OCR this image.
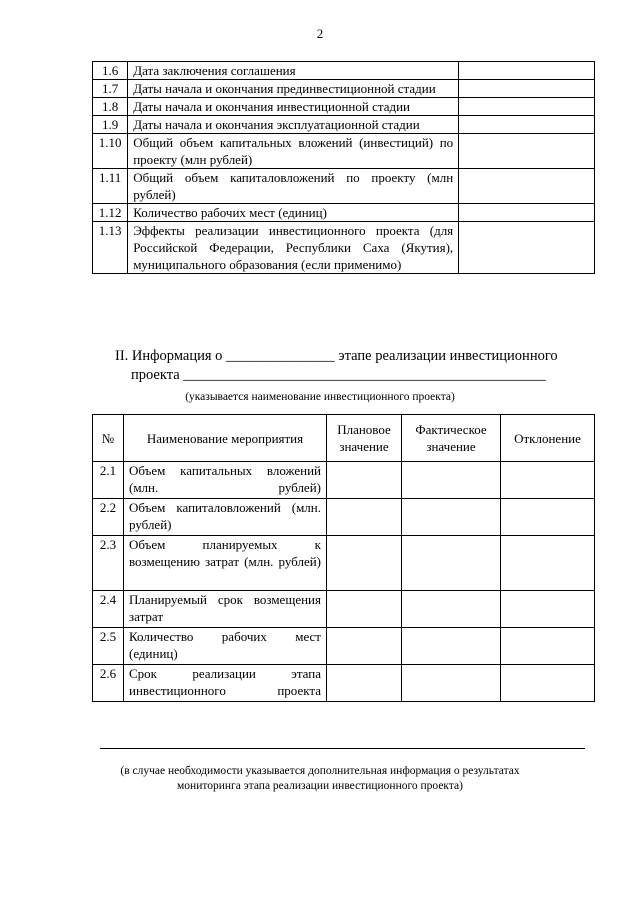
2
1.6	Дата заключения соглашения	
1.7	Даты начала и окончания прединвестиционной стадии	
1.8	Даты начала и окончания инвестиционной стадии	
1.9	Даты начала и окончания эксплуатационной стадии	
1.10	Общий объем капитальных вложений (инвестиций) по проекту (млн рублей)	
1.11	Общий объем капиталовложений по проекту (млн рублей)	
1.12	Количество рабочих мест (единиц)	
1.13	Эффекты реализации инвестиционного проекта (для Российской Федерации, Республики Саха (Якутия), муниципального образования (если применимо)	
II. Информация о _______________ этапе реализации инвестиционного
проекта __________________________________________________
(указывается наименование инвестиционного проекта)
№	Наименование мероприятия	Плановое значение	Фактическое значение	Отклонение
2.1	Объем капитальных вложений (млн. рублей)			
2.2	Объем капиталовложений (млн. рублей)			
2.3	Объем планируемых к возмещению затрат (млн. рублей)			
2.4	Планируемый срок возмещения затрат			
2.5	Количество рабочих мест (единиц)			
2.6	Срок реализации этапа инвестиционного проекта			
(в случае необходимости указывается дополнительная информация о результатах
мониторинга этапа реализации инвестиционного проекта)
